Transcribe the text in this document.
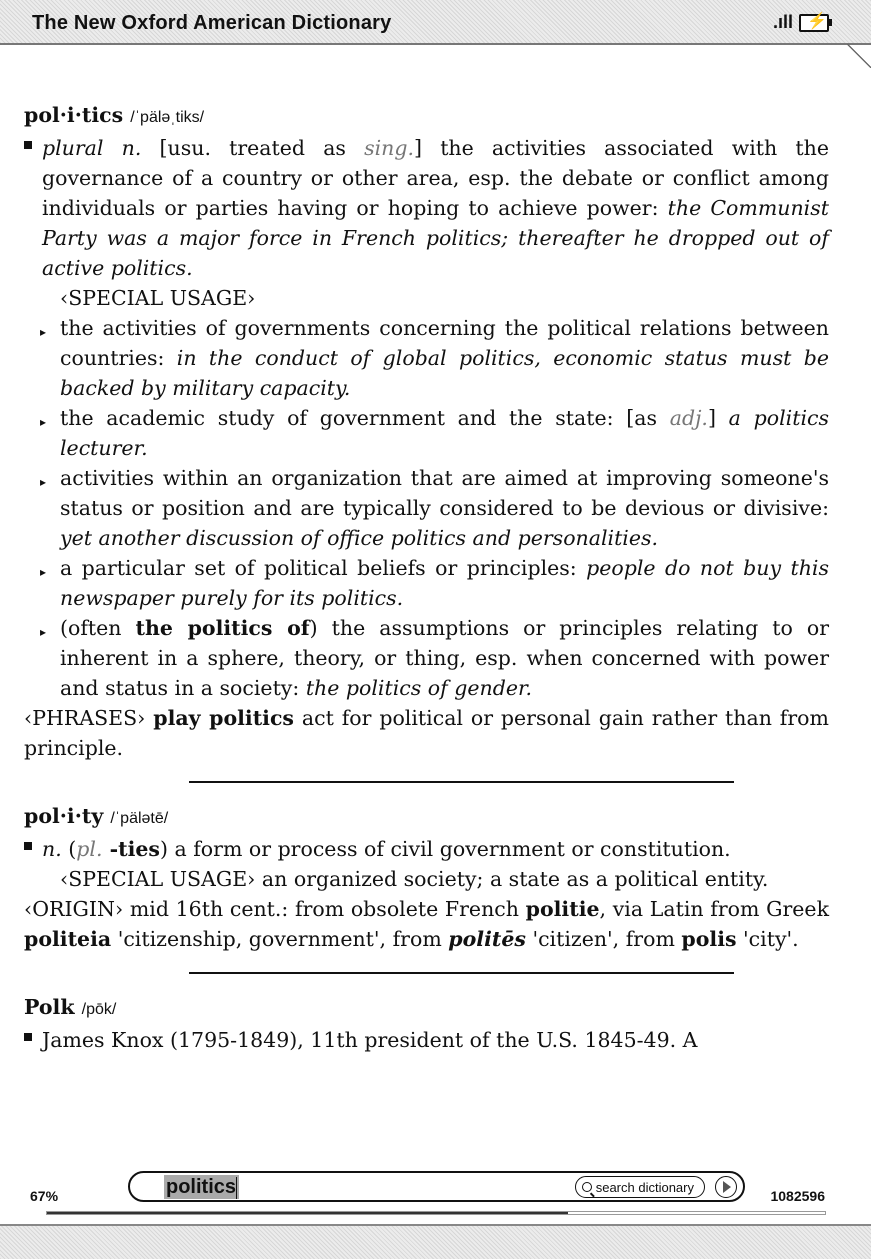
The New Oxford American Dictionary	.ıll ⚡

pol·i·tics /ˈpäləˌtiks/

plural n. [usu. treated as sing.] the activities associated with the governance of a country or other area, esp. the debate or conflict among individuals or parties having or hoping to achieve power: the Communist Party was a major force in French politics; thereafter he dropped out of active politics.
‹SPECIAL USAGE›
▸ the activities of governments concerning the political relations between countries: in the conduct of global politics, economic status must be backed by military capacity.
▸ the academic study of government and the state: [as adj.] a politics lecturer.
▸ activities within an organization that are aimed at improving someone's status or position and are typically considered to be devious or divisive: yet another discussion of office politics and personalities.
▸ a particular set of political beliefs or principles: people do not buy this newspaper purely for its politics.
▸ (often the politics of) the assumptions or principles relating to or inherent in a sphere, theory, or thing, esp. when concerned with power and status in a society: the politics of gender.
‹PHRASES› play politics act for political or personal gain rather than from principle.

pol·i·ty /ˈpälətē/

n. (pl. -ties) a form or process of civil government or constitution.
‹SPECIAL USAGE› an organized society; a state as a political entity.
‹ORIGIN› mid 16th cent.: from obsolete French politie, via Latin from Greek politeia 'citizenship, government', from politēs 'citizen', from polis 'city'.

Polk /pōk/

James Knox (1795-1849), 11th president of the U.S. 1845-49. A
67%	politics	search dictionary
1082596
